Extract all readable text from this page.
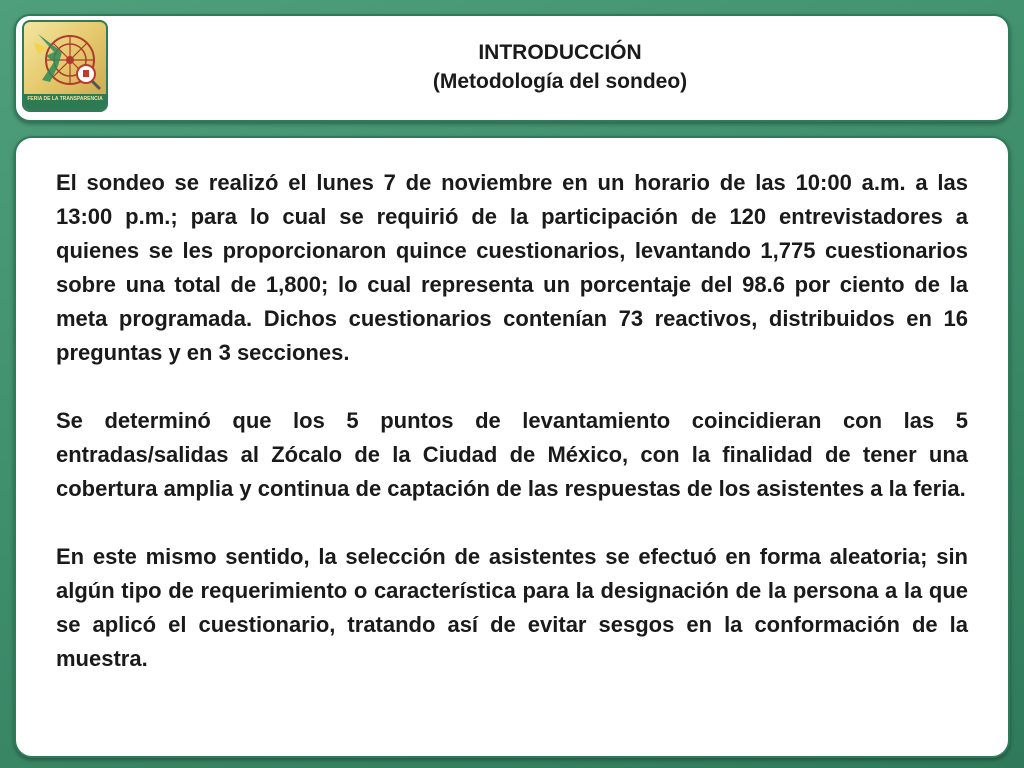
FERIA DE LA TRANSPARENCIA
INTRODUCCIÓN
(Metodología del sondeo)

El sondeo se realizó el lunes 7 de noviembre en un horario de las 10:00 a.m. a las 13:00 p.m.; para lo cual se requirió de la participación de 120 entrevistadores a quienes se les proporcionaron quince cuestionarios, levantando 1,775 cuestionarios sobre una total de 1,800; lo cual representa un porcentaje del 98.6 por ciento de la meta programada. Dichos cuestionarios contenían 73 reactivos, distribuidos en 16 preguntas y en 3 secciones.

Se determinó que los 5 puntos de levantamiento coincidieran con las 5 entradas/salidas al Zócalo de la Ciudad de México, con la finalidad de tener una cobertura amplia y continua de captación de las respuestas de los asistentes a la feria.

En este mismo sentido, la selección de asistentes se efectuó en forma aleatoria; sin algún tipo de requerimiento o característica para la designación de la persona a la que se aplicó el cuestionario, tratando así de evitar sesgos en la conformación de la muestra.
